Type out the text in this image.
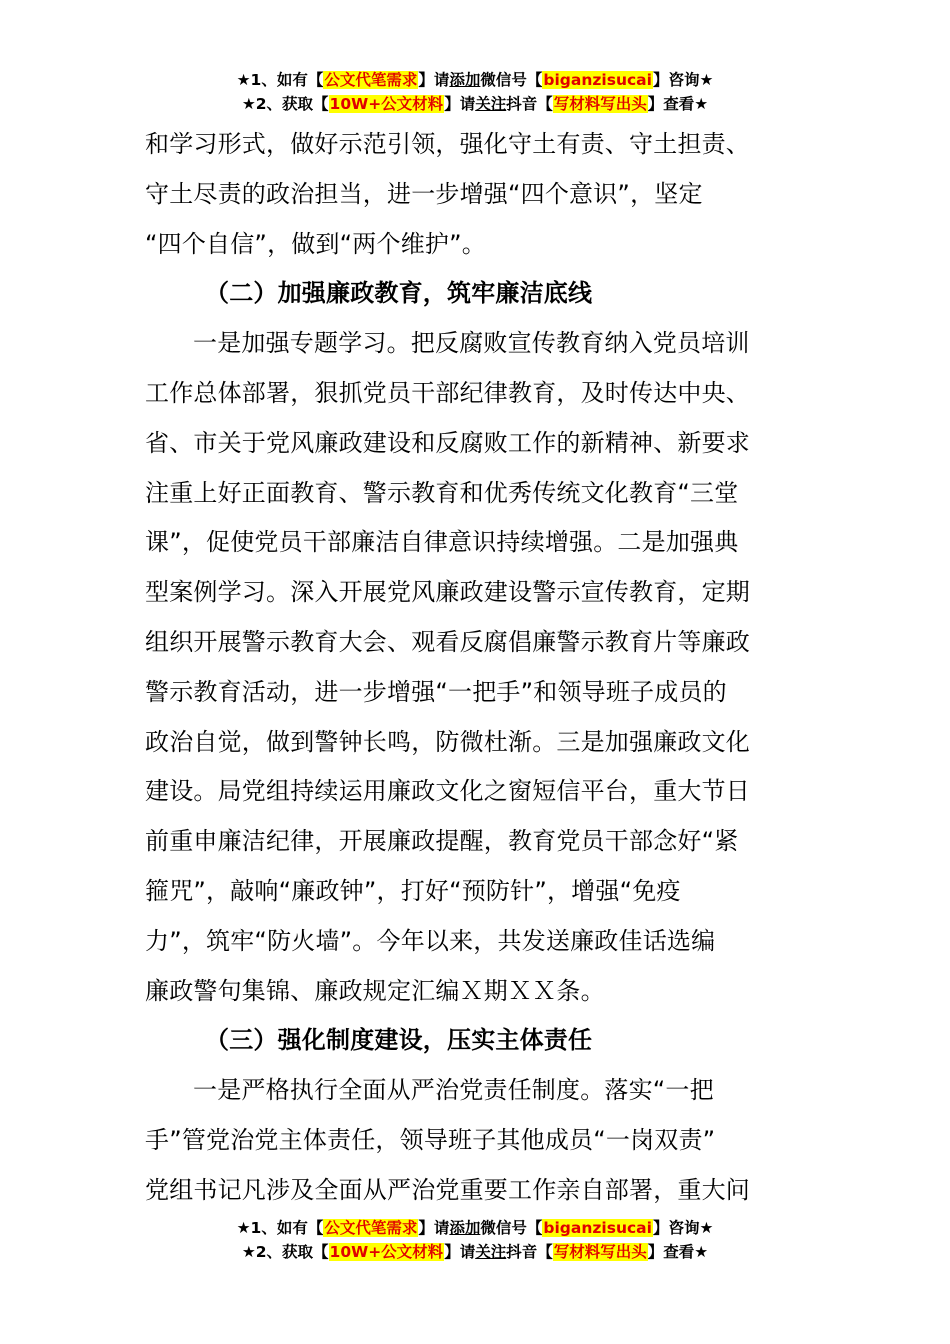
★1、如有【公文代笔需求】请添加微信号【biganzisucai】咨询★
★2、获取【10W+公文材料】请关注抖音【写材料写出头】查看★
和学习形式，做好示范引领，强化守土有责、守土担责、
守土尽责的政治担当，进一步增强“四个意识”，坚定
“四个自信”，做到“两个维护”。
（二）加强廉政教育，筑牢廉洁底线
一是加强专题学习。把反腐败宣传教育纳入党员培训
工作总体部署，狠抓党员干部纪律教育，及时传达中央、
省、市关于党风廉政建设和反腐败工作的新精神、新要求
注重上好正面教育、警示教育和优秀传统文化教育“三堂
课”，促使党员干部廉洁自律意识持续增强。二是加强典
型案例学习。深入开展党风廉政建设警示宣传教育，定期
组织开展警示教育大会、观看反腐倡廉警示教育片等廉政
警示教育活动，进一步增强“一把手”和领导班子成员的
政治自觉，做到警钟长鸣，防微杜渐。三是加强廉政文化
建设。局党组持续运用廉政文化之窗短信平台，重大节日
前重申廉洁纪律，开展廉政提醒，教育党员干部念好“紧
箍咒”，敲响“廉政钟”，打好“预防针”，增强“免疫
力”，筑牢“防火墙”。今年以来，共发送廉政佳话选编
廉政警句集锦、廉政规定汇编Ｘ期ＸＸ条。
（三）强化制度建设，压实主体责任
一是严格执行全面从严治党责任制度。落实“一把
手”管党治党主体责任，领导班子其他成员“一岗双责”
党组书记凡涉及全面从严治党重要工作亲自部署，重大问
★1、如有【公文代笔需求】请添加微信号【biganzisucai】咨询★
★2、获取【10W+公文材料】请关注抖音【写材料写出头】查看★
